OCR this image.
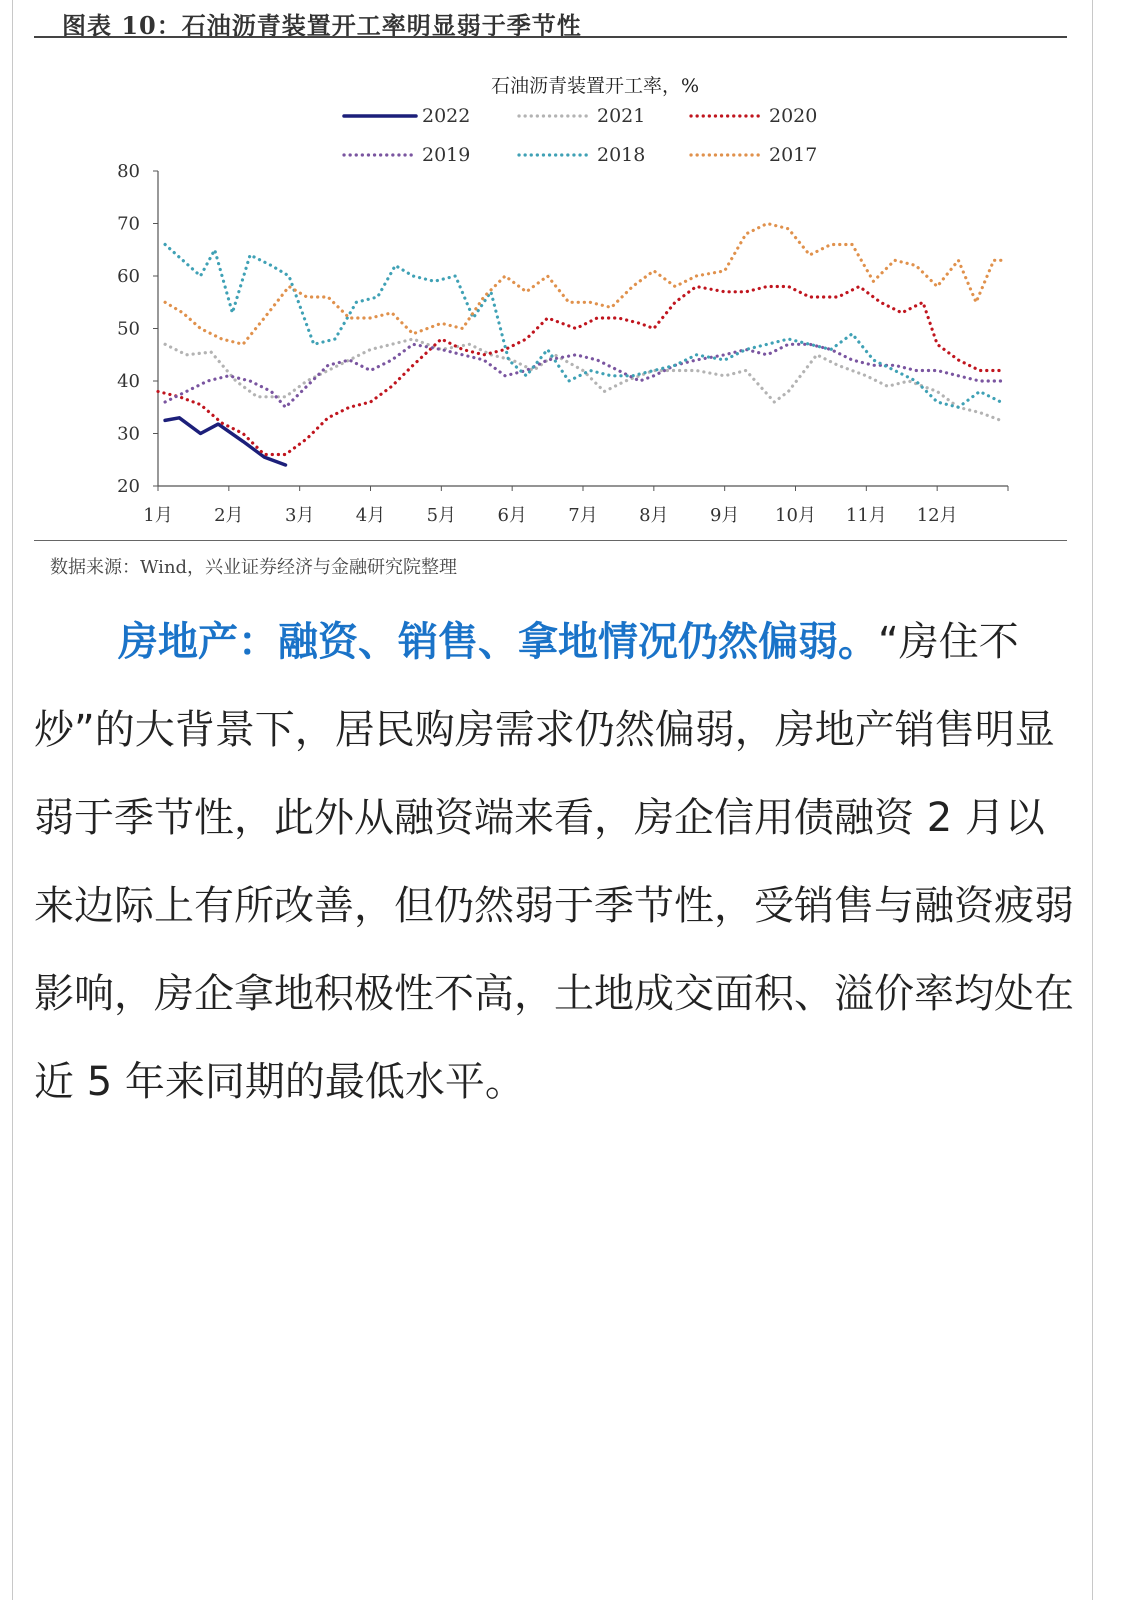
图表 10：石油沥青装置开工率明显弱于季节性
石油沥青装置开工率，%
2022	2021	2020
2019	2018	2017
20
30
40
50
60
70
80
1月 2月 3月 4月 5月 6月 7月 8月 9月 10月 11月 12月
数据来源：Wind，兴业证券经济与金融研究院整理
房地产：融资、销售、拿地情况仍然偏弱。“房住不炒”的大背景下，居民购房需求仍然偏弱，房地产销售明显弱于季节性，此外从融资端来看，房企信用债融资 2 月以来边际上有所改善，但仍然弱于季节性，受销售与融资疲弱影响，房企拿地积极性不高，土地成交面积、溢价率均处在近 5 年来同期的最低水平。
